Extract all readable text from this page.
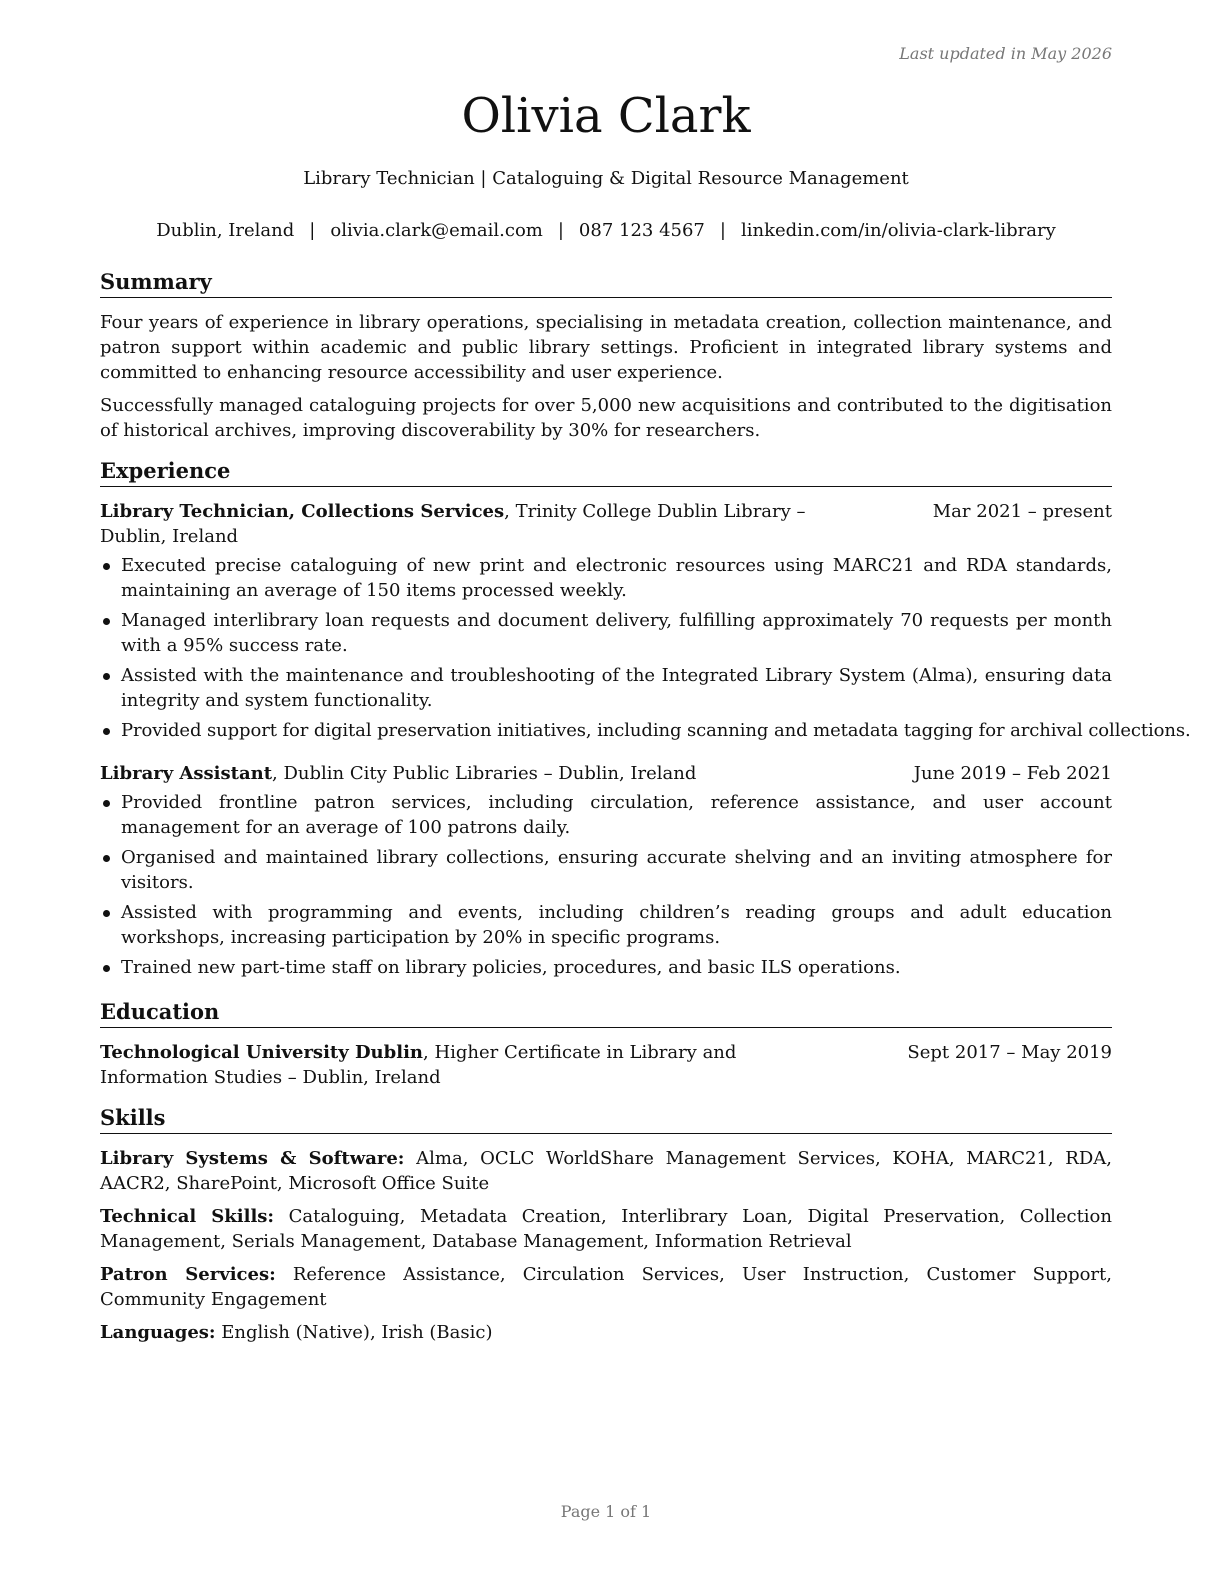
Last updated in May 2026
Olivia Clark
Library Technician | Cataloguing & Digital Resource Management
Dublin, Ireland | olivia.clark@email.com | 087 123 4567 | linkedin.com/in/olivia-clark-library
Summary

Four years of experience in library operations, specialising in metadata creation, collection maintenance, and patron support within academic and public library settings. Proficient in integrated library systems and committed to enhancing resource accessibility and user experience.

Successfully managed cataloguing projects for over 5,000 new acquisitions and contributed to the digitisation of historical archives, improving discoverability by 30% for researchers.

Experience
Library Technician, Collections Services, Trinity College Dublin Library – Dublin, Ireland
Mar 2021 – present
Executed precise cataloguing of new print and electronic resources using MARC21 and RDA standards, maintaining an average of 150 items processed weekly.
Managed interlibrary loan requests and document delivery, fulfilling approximately 70 requests per month with a 95% success rate.
Assisted with the maintenance and troubleshooting of the Integrated Library System (Alma), ensuring data integrity and system functionality.
Provided support for digital preservation initiatives, including scanning and metadata tagging for archival collections.
Library Assistant, Dublin City Public Libraries – Dublin, Ireland	June 2019 – Feb 2021
Provided frontline patron services, including circulation, reference assistance, and user account management for an average of 100 patrons daily.
Organised and maintained library collections, ensuring accurate shelving and an inviting atmosphere for visitors.
Assisted with programming and events, including children’s reading groups and adult education workshops, increasing participation by 20% in specific programs.
Trained new part-time staff on library policies, procedures, and basic ILS operations.
Education
Technological University Dublin, Higher Certificate in Library and Information Studies – Dublin, Ireland
Sept 2017 – May 2019
Skills
Library Systems & Software: Alma, OCLC WorldShare Management Services, KOHA, MARC21, RDA, AACR2, SharePoint, Microsoft Office Suite
Technical Skills: Cataloguing, Metadata Creation, Interlibrary Loan, Digital Preservation, Collection Management, Serials Management, Database Management, Information Retrieval
Patron Services: Reference Assistance, Circulation Services, User Instruction, Customer Support, Community Engagement
Languages: English (Native), Irish (Basic)
Page 1 of 1
